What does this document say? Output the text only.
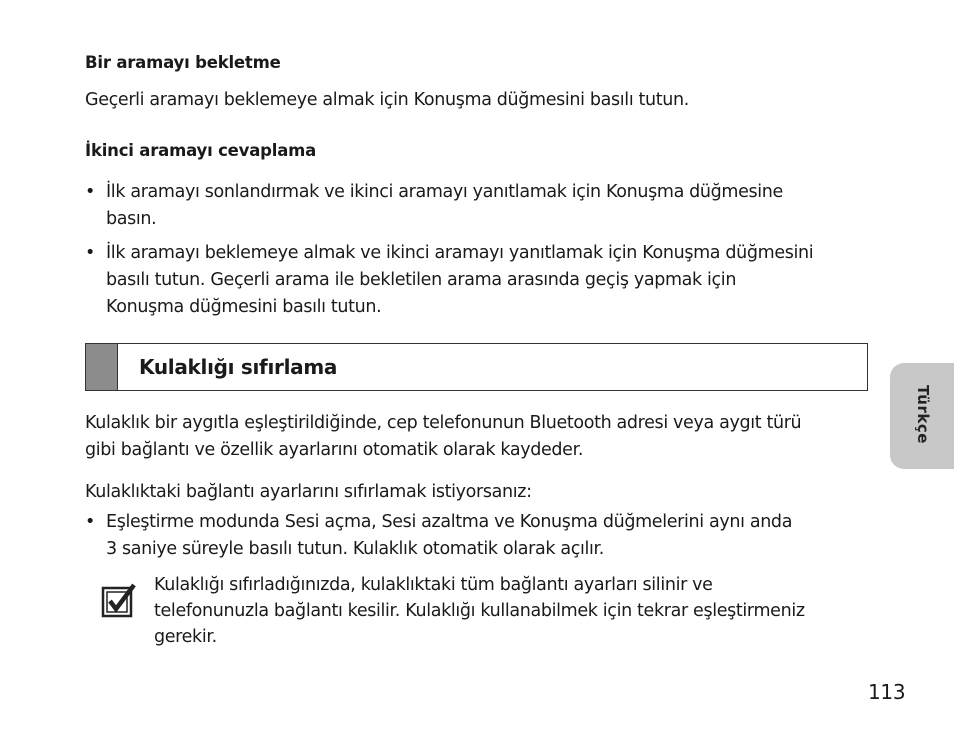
Bir aramayı bekletme
Geçerli aramayı beklemeye almak için Konuşma düğmesini basılı tutun.
İkinci aramayı cevaplama
• İlk aramayı sonlandırmak ve ikinci aramayı yanıtlamak için Konuşma düğmesine
basın.
• İlk aramayı beklemeye almak ve ikinci aramayı yanıtlamak için Konuşma düğmesini
basılı tutun. Geçerli arama ile bekletilen arama arasında geçiş yapmak için
Konuşma düğmesini basılı tutun.
Kulaklık bir aygıtla eşleştirildiğinde, cep telefonunun Bluetooth adresi veya aygıt türü
gibi bağlantı ve özellik ayarlarını otomatik olarak kaydeder.
Kulaklıktaki bağlantı ayarlarını sıfırlamak istiyorsanız:
• Eşleştirme modunda Sesi açma, Sesi azaltma ve Konuşma düğmelerini aynı anda
3 saniye süreyle basılı tutun. Kulaklık otomatik olarak açılır.
Kulaklığı sıfırlama
Kulaklığı sıfırladığınızda, kulaklıktaki tüm bağlantı ayarları silinir ve
telefonunuzla bağlantı kesilir. Kulaklığı kullanabilmek için tekrar eşleştirmeniz
gerekir.
Türkçe
113
